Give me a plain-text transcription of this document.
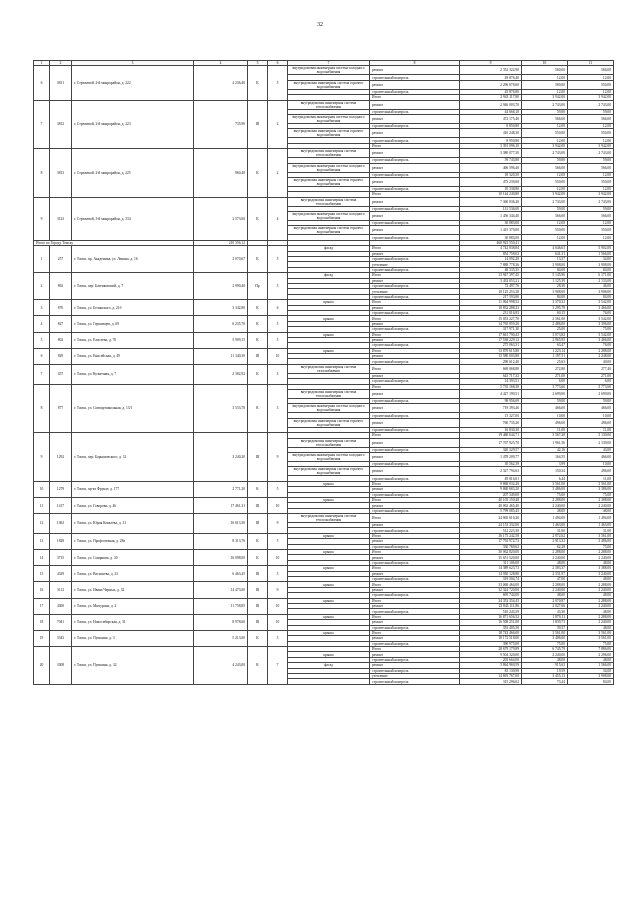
32
1	2	3	4	5	6	7	8	9	10	11
6	3811	г. Стрежевой, 2-й микрорайон, д. 222	4 236,40	К	5	внутридомовая инженерная система холодного водоснабжения	ремонт	2 352 322,90	560,00	566,00
							строительный контроль	49 876,40	12,00	12,00
						внутридомовая инженерная система горячего водоснабжения	ремонт	2 296 078,60	580,00	550,00
							строительный контроль	45 876,80	12,00	12,00
							Итого	2 943 117,80	3 942,00	3 942,00
7	3812	г. Стрежевой, 2-й микрорайон, д. 223	735,90	Ш	2	внутридомовая инженерная система теплоснабжения	ремонт	2 946 003,70	2 743,00	2 743,00
							строительный контроль	44 668,10	59,00	59,00
						внутридомовая инженерная система холодного водоснабжения	ремонт	472 175,40	566,00	566,00
							строительный контроль	8 850,80	12,00	12,00
						внутридомовая инженерная система горячего водоснабжения	ремонт	410 248,30	550,00	550,00
							строительный контроль	8 950,80	12,00	12,00
							Итого	3 391 096,10	3 942,00	3 942,00
8	3813	г. Стрежевой, 2-й микрорайон, д. 225	860,40	К	2	внутридомовая инженерная система теплоснабжения	ремонт	3 380 077,50	2 743,00	2 743,00
							строительный контроль	59 743,80	59,00	59,00
						внутридомовая инженерная система холодного водоснабжения	ремонт	406 596,40	566,00	566,00
							строительный контроль	18 320,50	12,00	12,00
						внутридомовая инженерная система горячего водоснабжения	ремонт	473 239,60	550,00	550,00
							строительный контроль	10 338,80	12,00	12,00
							Итого	10 144 240,80	3 942,00	3 942,00
9	3123	г. Стрежевой, 3-й микрорайон, д. 334	2 573,60	К	4	внутридомовая инженерная система теплоснабжения	ремонт	7 360 836,20	2 743,00	2 743,00
							строительный контроль	131 536,00	59,00	59,00
						внутридомовая инженерная система холодного водоснабжения	ремонт	1 456 344,40	566,00	566,00
							строительный контроль	30 883,00	12,00	12,00
						внутридомовая инженерная система горячего водоснабжения	ремонт	1 415 370,00	550,00	550,00
							строительный контроль	30 883,00	12,00	12,00
Итого по Городу Томску			210 356,12					460 923 550,41		
1	257	г. Томск, пр. Академика, ул. Ленина, д. 16	2 070,67	К	5	фасад	Итого	4 742 838,84	4 646,63	5 902,00
							ремонт	854 758,02	641,31	1 566,00
							строительный контроль	14 092,28	13,57	34,00
							утепление	7 888 778,36	3 908,00	3 908,00
							строительный контроль	48 335,35	84,00	84,00
2	863	г. Томск, пер. Батенковский, д. 7	2 990,40	Пр	5	фасад	Итого	13 947 397,45	5 145,96	6 171,00
							ремонт	3 433 053,21	1 125,39	2 133,00
							строительный контроль	72 497,76	28,36	46,00
							утепление	10 125 253,38	3 908,00	3 908,00
							строительный контроль	217 593,80	84,00	84,00
3	870	г. Томск, ул. Белинского, д. 21б	3 342,80	К	6	крыша	Итого	11 064 998,52	3 370,52	3 542,00
							ремонт	10 832 288,33	3 295,78	3 466,00
							строительный контроль	231 016,93	60,15	76,00
4	827	г. Томск, ул. Гершивцев, д. 69	6 235,70	К	5	крыша	Итого	15 053 227,70	2 561,00	3 542,00
							ремонт	14 765 859,20	2 486,00	3 396,00
							строительный контроль	317 971,30	25,00	75,00
5	802	г. Томск, ул. Елисеева, д. 70	5 909,15	К	5	крыша	Итого	17 661 790,43	3 073,82	3 542,00
							ремонт	17 538 229,12	2 965,95	3 466,00
							строительный контроль	275 063,31	63,47	76,00
6	829	г. Томск, ул. Енисейская, д. 49	11 340,30	Ш	10	крыша	Итого	13 870 615,80	1 223,14	2 288,00
							ремонт	13 580 003,88	1 197,51	2 248,00
							строительный контроль	290 612,40	25,63	40,00
7	457	г. Томск, ул. Кузнечная, д. 7	2 382,92	К	3	внутридомовая инженерная система газоснабжения	Итого	669 068,88	272,80	277,40
							ремонт	643 717,32	271,00	271,00
							строительный контроль	14 393,51	6,00	6,00
8	877	г. Томск, ул. Совпартшкольная, д. 13/1	3 533,70	К	3		Итого	5 735 168,38	3 773,60	3 773,60
						внутридомовая инженерная система теплоснабжения	ремонт	4 427 199,51	2 699,00	2 699,00
							строительный контроль	98 956,69	59,00	59,00
						внутридомовая инженерная система холодного водоснабжения	ремонт	719 393,40	466,00	466,00
							строительный контроль	15 327,00	10,00	10,00
						внутридомовая инженерная система горячего водоснабжения	ремонт	760 735,20	496,00	496,00
							строительный контроль	16 830,30	11,00	11,00
9	1292	г. Томск, пер. Барышовского, д. 31	3 240,20	Ш	9		Итого	19 460 644,71	3 567,28	3 130,00
						внутридомовая инженерная система теплоснабжения	ремонт	17 767 925,70	1 961,56	2 139,00
							строительный контроль	320 329,57	42,16	43,00
						внутридомовая инженерная система холодного водоснабжения	ремонт	1 478 209,77	164,55	466,00
							строительный контроль	30 562,39	3,99	10,00
						внутридомовая инженерная система горячего водоснабжения	ремонт	2 327 794,63	150,34	496,00
							строительный контроль	49 816,81	6,44	11,00
10	1279	г. Томск, пр-кт Фрунзе, д. 177	2 771,20	К	5	крыша	Итого	9 868 032,20	3 561,00	3 561,00
							ремонт	9 860 683,20	3 486,00	3 386,00
							строительный контроль	207 349,00	75,00	75,00
11	1417	г. Томск, ул. Говорова, д. 46	17 461,31	Ш	10	крыша	Итого	40 105 150,48	2 288,00	2 388,00
							ремонт	40 063 465,40	2 240,00	2 240,00
							строительный контроль	5 799 085,45	48,00	48,00
12	1363	г. Томск, ул. Юрия Ковалёва, д. 31	16 613,30	Ш	9	внутридомовая инженерная система теплоснабжения	Итого	24 065 610,20	1 494,00	1 494,00
							ремонт	24 153 332,00	1 463,00	1 463,00
							строительный контроль	512 223,30	31,00	31,00
13	1828	г. Томск, ул. Профсоюзная, д. 28а	8 313,76	К	5	крыша	Итого	16 175 242,58	2 972,62	3 561,00
							ремонт	17 792 972,73	2 913,32	3 486,00
							строительный контроль	330 769,62	62,28	75,00
14	3715	г. Томск, ул. Смирнова, д. 30	16 098,00	К	10	крыша	Итого	30 062 820,00	2 288,00	2 288,00
							ремонт	35 651 520,00	2 240,00	2 240,00
							строительный контроль	311 106,00	48,00	48,00
15	4329	г. Томск, ул. Васильева, д. 23	6 463,45	Ш	5	крыша	Итого	14 389 623,73	2 383,37	3 388,00
							ремонт	14 930 128,80	2 331,97	3 240,00
							строительный контроль	319 504,74	47,00	48,00
16	3112	г. Томск, ул. Ивана Черных, д. 32	14 473,00	Ш	9	крыша	Итого	33 068 464,00	2 288,00	2 288,00
							ремонт	32 324 720,00	2 240,00	2 240,00
							строительный контроль	695 744,00	48,00	48,00
17	4300	г. Томск, ул. Мичурина, д. 2	11 758,85	Ш	10	крыша	Итого	24 353 354,45	2 070,87	2 288,00
							ремонт	23 843 111,86	2 027,66	2 240,00
							строительный контроль	510 243,59	43,30	48,00
18	7041	г. Томск, ул. Новосибирская, д. 31	8 978,60	Ш	10	крыша	Итого	16 871 656,52	1 879,13	2 288,00
							ремонт	16 508 251,00	1 839,73	2 240,00
							строительный контроль	353 405,50	39,37	48,00
19	3343	г. Томск, ул. Пушкина, д. 3	5 213,00	К	5	крыша	Итого	18 743 466,00	3 561,00	3 561,00
							ремонт	18 172 518,00	3 486,00	3 561,00
							строительный контроль	390 975,00	75,00	75,00
20	3308	г. Томск, ул. Пушкина, д. 32	4 243,00	К	7		Итого	28 679 179,89	6 745,79	7 886,00
						крыша	ремонт	9 504 320,00	2 240,00	2 296,00
							строительный контроль	203 664,00	48,00	48,00
						фасад	ремонт	3 864 969,59	915,63	1 566,00
							строительный контроль	83 130,98	19,59	34,00
							утепление	14 693 767,00	3 455,13	3 908,00
							строительный контроль	315 296,02	73,44	84,00
